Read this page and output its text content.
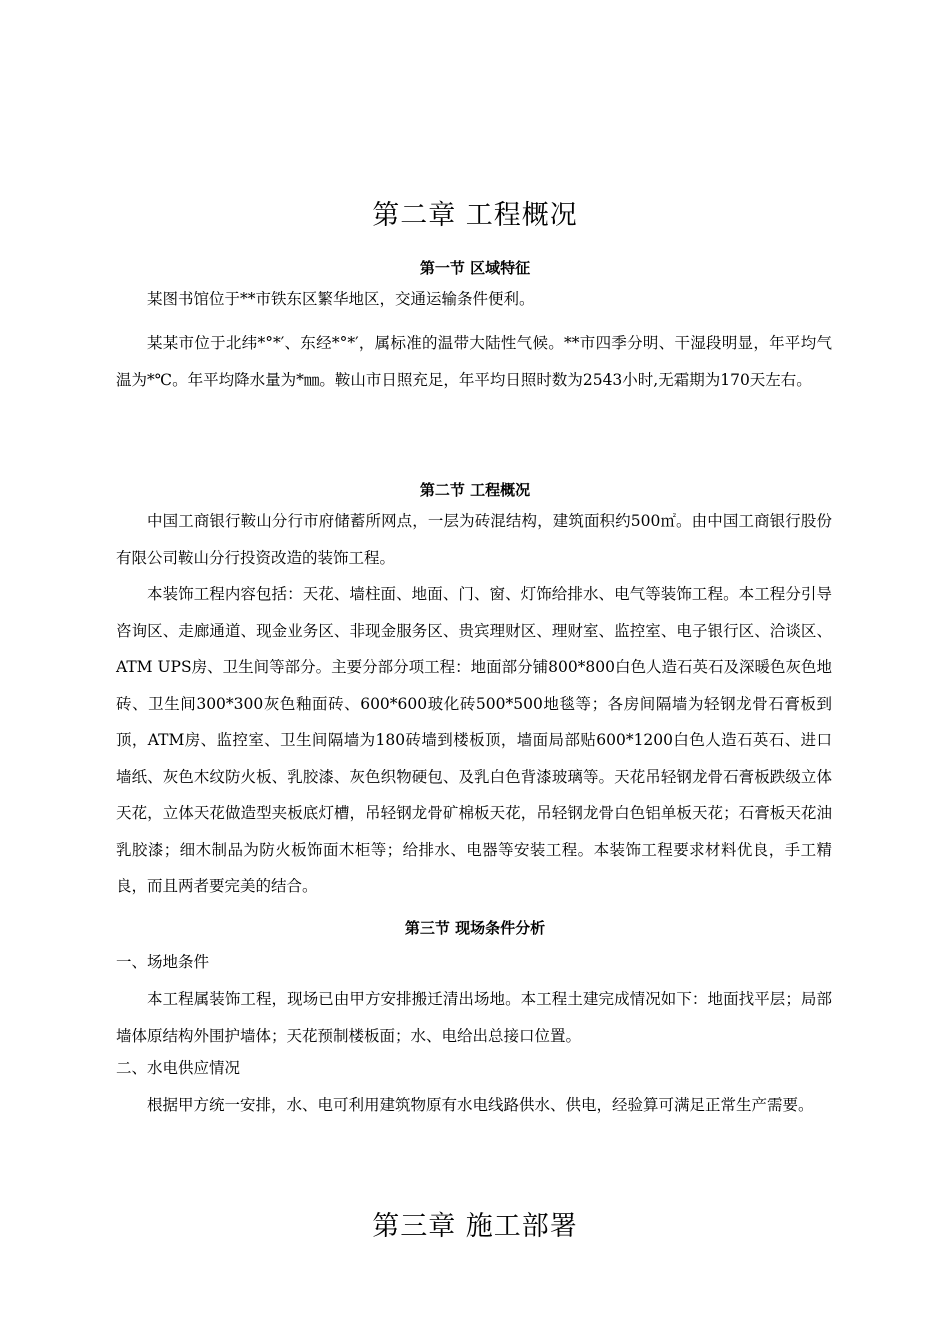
第二章 工程概况
第一节 区域特征

某图书馆位于**市铁东区繁华地区，交通运输条件便利。

某某市位于北纬*°*′、东经*°*′，属标准的温带大陆性气候。**市四季分明、干湿段明显，年平均气温为*℃。年平均降水量为*㎜。鞍山市日照充足，年平均日照时数为2543小时,无霜期为170天左右。

第二节 工程概况

中国工商银行鞍山分行市府储蓄所网点，一层为砖混结构，建筑面积约500㎡。由中国工商银行股份有限公司鞍山分行投资改造的装饰工程。

本装饰工程内容包括：天花、墙柱面、地面、门、窗、灯饰给排水、电气等装饰工程。本工程分引导咨询区、走廊通道、现金业务区、非现金服务区、贵宾理财区、理财室、监控室、电子银行区、洽谈区、ATM UPS房、卫生间等部分。主要分部分项工程：地面部分铺800*800白色人造石英石及深暖色灰色地砖、卫生间300*300灰色釉面砖、600*600玻化砖500*500地毯等；各房间隔墙为轻钢龙骨石膏板到顶，ATM房、监控室、卫生间隔墙为180砖墙到楼板顶，墙面局部贴600*1200白色人造石英石、进口墙纸、灰色木纹防火板、乳胶漆、灰色织物硬包、及乳白色背漆玻璃等。天花吊轻钢龙骨石膏板跌级立体天花，立体天花做造型夹板底灯槽，吊轻钢龙骨矿棉板天花，吊轻钢龙骨白色铝单板天花；石膏板天花油乳胶漆；细木制品为防火板饰面木柜等；给排水、电器等安装工程。本装饰工程要求材料优良，手工精良，而且两者要完美的结合。

第三节 现场条件分析
一、场地条件

本工程属装饰工程，现场已由甲方安排搬迁清出场地。本工程土建完成情况如下：地面找平层；局部墙体原结构外围护墙体；天花预制楼板面；水、电给出总接口位置。

二、水电供应情况

根据甲方统一安排，水、电可利用建筑物原有水电线路供水、供电，经验算可满足正常生产需要。

第三章 施工部署
